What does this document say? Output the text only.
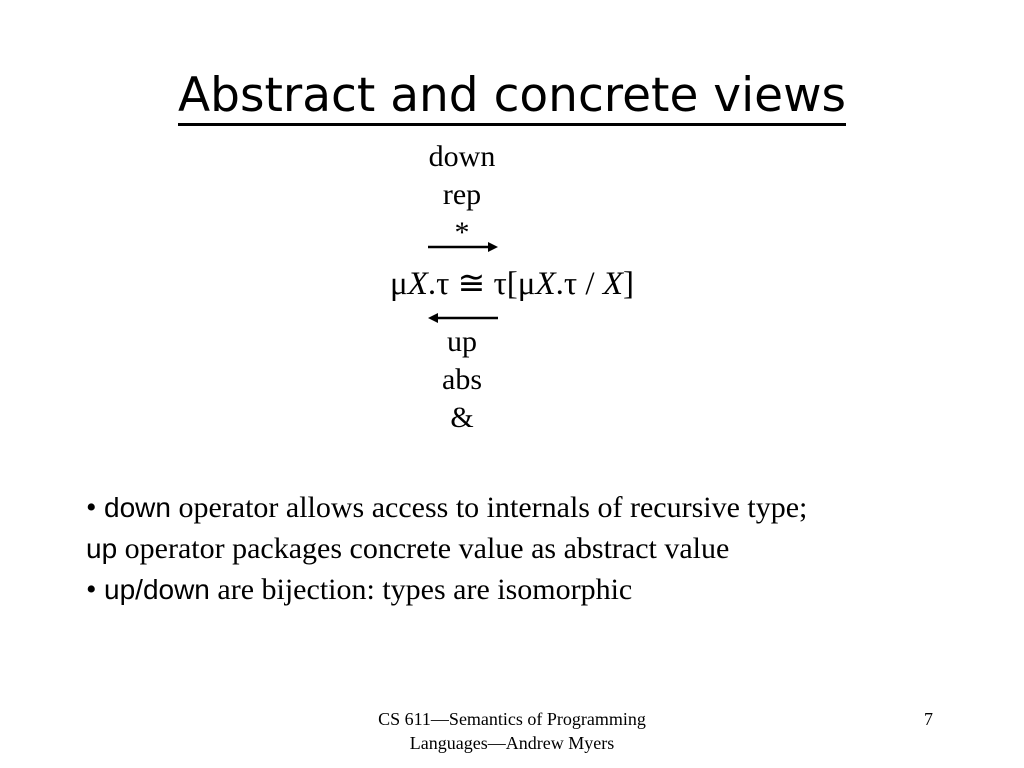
Abstract and concrete views
down
rep
*
μX.τ ≅ τ[μX.τ / X]
up
abs
&
• down operator allows access to internals of recursive type;
up operator packages concrete value as abstract value
• up/down are bijection: types are isomorphic
CS 611—Semantics of Programming
Languages—Andrew Myers
7
